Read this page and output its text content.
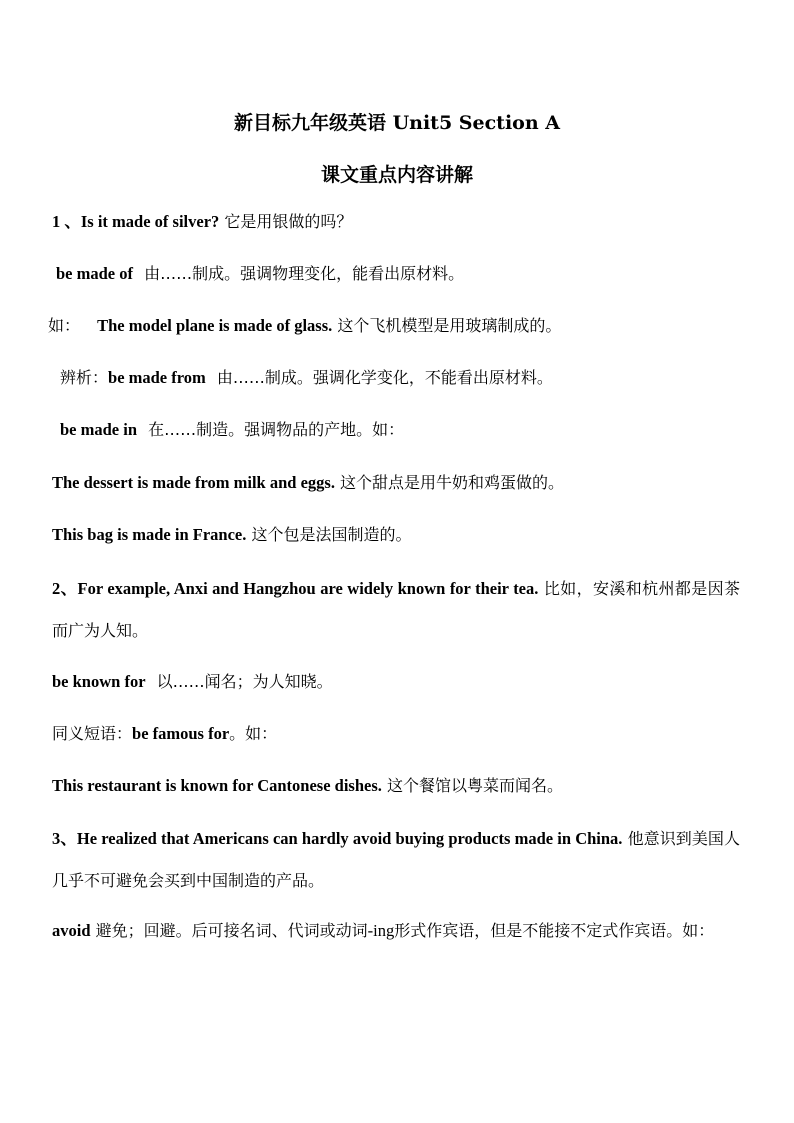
新目标九年级英语 Unit5 Section A
课文重点内容讲解
1 、Is it made of silver? 它是用银做的吗？
be made of 由……制成。强调物理变化，能看出原材料。
如： The model plane is made of glass. 这个飞机模型是用玻璃制成的。
辨析：be made from 由……制成。强调化学变化，不能看出原材料。
be made in 在……制造。强调物品的产地。如：
The dessert is made from milk and eggs. 这个甜点是用牛奶和鸡蛋做的。
This bag is made in France. 这个包是法国制造的。
2、For example, Anxi and Hangzhou are widely known for their tea. 比如，安溪和杭州都是因茶而广为人知。
be known for 以……闻名；为人知晓。
同义短语：be famous for。如：
This restaurant is known for Cantonese dishes. 这个餐馆以粤菜而闻名。
3、He realized that Americans can hardly avoid buying products made in China. 他意识到美国人几乎不可避免会买到中国制造的产品。
avoid 避免；回避。后可接名词、代词或动词-ing形式作宾语，但是不能接不定式作宾语。如：
